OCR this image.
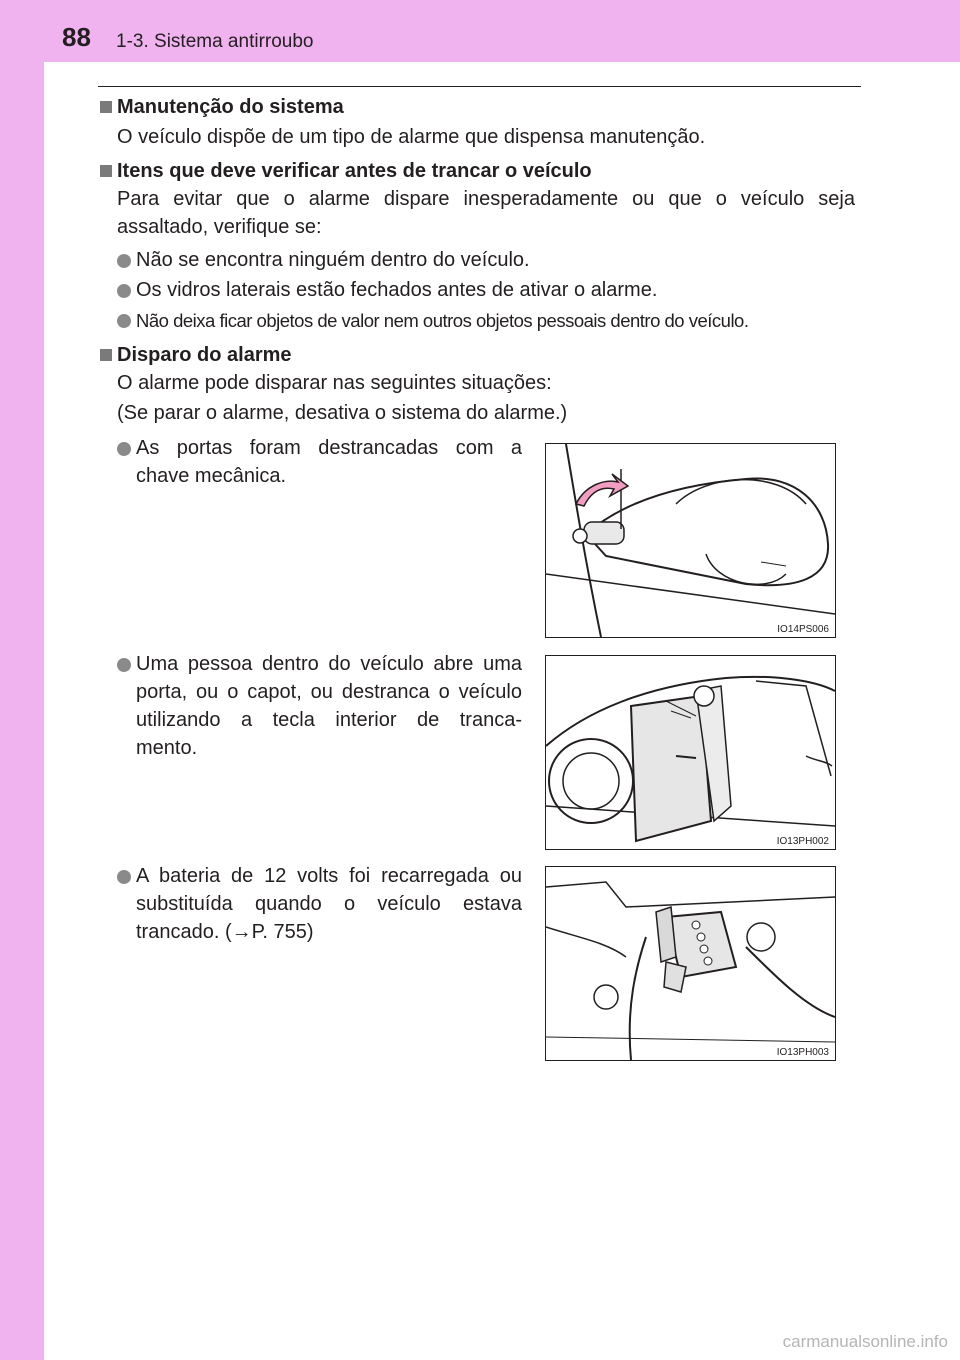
88 1-3. Sistema antirroubo
Manutenção do sistema
O veículo dispõe de um tipo de alarme que dispensa manutenção.
Itens que deve verificar antes de trancar o veículo
Para evitar que o alarme dispare inesperadamente ou que o veículo seja
assaltado, verifique se:
Não se encontra ninguém dentro do veículo.
Os vidros laterais estão fechados antes de ativar o alarme.
Não deixa ficar objetos de valor nem outros objetos pessoais dentro do veículo.
Disparo do alarme
O alarme pode disparar nas seguintes situações:
(Se parar o alarme, desativa o sistema do alarme.)
As portas foram destrancadas com a
chave mecânica.
IO14PS006
Uma pessoa dentro do veículo abre uma
porta, ou o capot, ou destranca o veículo
utilizando a tecla interior de tranca-
mento.
IO13PH002
A bateria de 12 volts foi recarregada ou
substituída quando o veículo estava
trancado. (→P. 755)
IO13PH003
carmanualsonline.info
